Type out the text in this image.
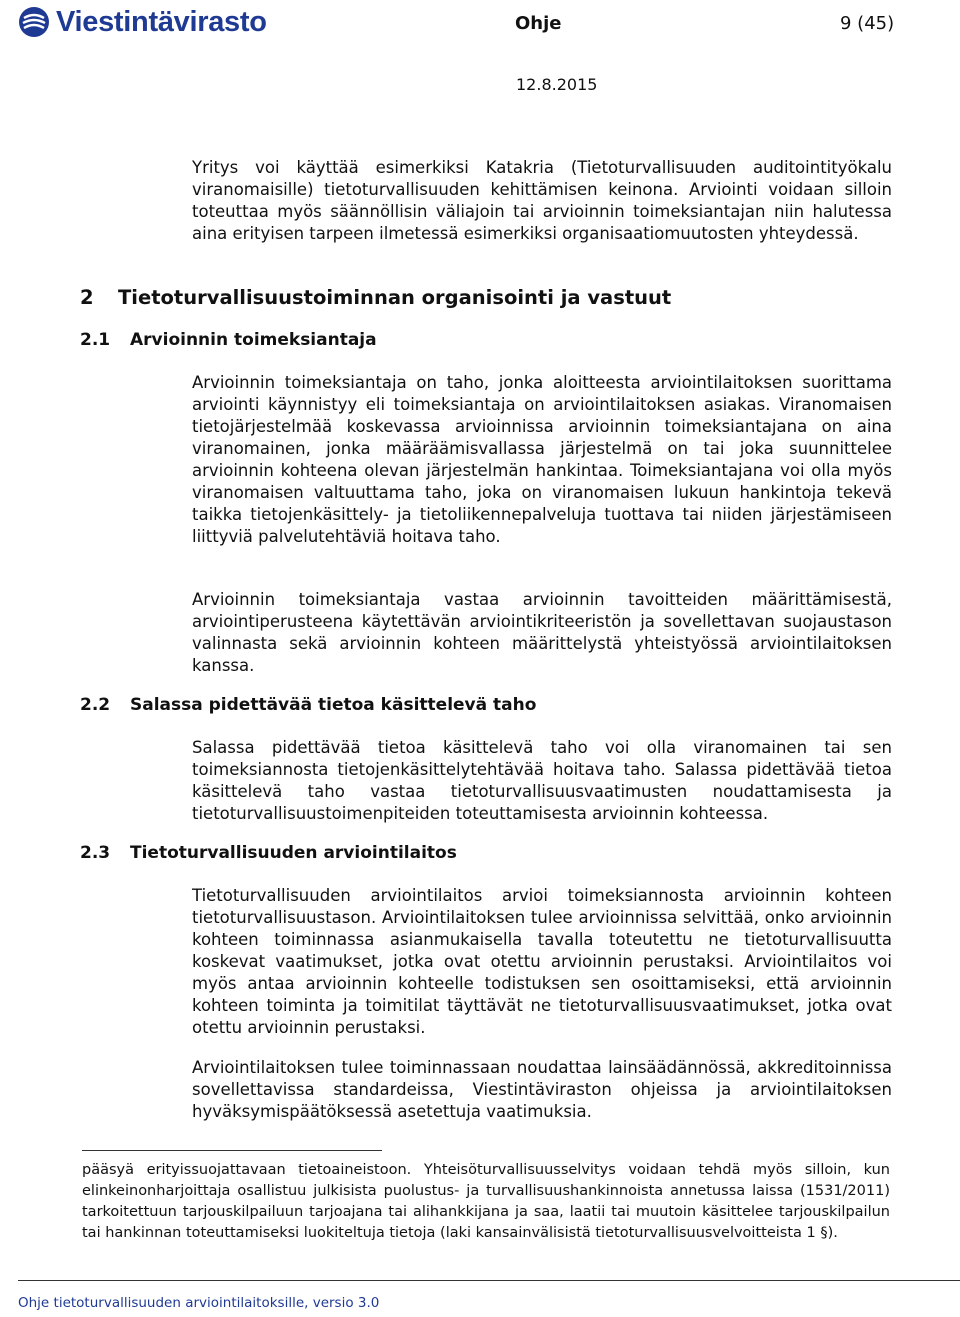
Viestintävirasto	Ohje	9 (45)
12.8.2015

Yritys voi käyttää esimerkiksi Katakria (Tietoturvallisuuden auditointityökalu viranomaisille) tietoturvallisuuden kehittämisen keinona. Arviointi voidaan silloin toteuttaa myös säännöllisin väliajoin tai arvioinnin toimeksiantajan niin halutessa aina erityisen tarpeen ilmetessä esimerkiksi organisaatiomuutosten yhteydessä.

2 Tietoturvallisuustoiminnan organisointi ja vastuut
2.1 Arvioinnin toimeksiantaja

Arvioinnin toimeksiantaja on taho, jonka aloitteesta arviointilaitoksen suorittama arviointi käynnistyy eli toimeksiantaja on arviointilaitoksen asiakas. Viranomaisen tietojärjestelmää koskevassa arvioinnissa arvioinnin toimeksiantajana on aina viranomainen, jonka määräämisvallassa järjestelmä on tai joka suunnittelee arvioinnin kohteena olevan järjestelmän hankintaa. Toimeksiantajana voi olla myös viranomaisen valtuuttama taho, joka on viranomaisen lukuun hankintoja tekevä taikka tietojenkäsittely- ja tietoliikennepalveluja tuottava tai niiden järjestämiseen liittyviä palvelutehtäviä hoitava taho.

Arvioinnin toimeksiantaja vastaa arvioinnin tavoitteiden määrittämisestä, arviointiperusteena käytettävän arviointikriteeristön ja sovellettavan suojaustason valinnasta sekä arvioinnin kohteen määrittelystä yhteistyössä arviointilaitoksen kanssa.

2.2 Salassa pidettävää tietoa käsittelevä taho

Salassa pidettävää tietoa käsittelevä taho voi olla viranomainen tai sen toimeksiannosta tietojenkäsittelytehtävää hoitava taho. Salassa pidettävää tietoa käsittelevä taho vastaa tietoturvallisuusvaatimusten noudattamisesta ja tietoturvallisuustoimenpiteiden toteuttamisesta arvioinnin kohteessa.

2.3 Tietoturvallisuuden arviointilaitos

Tietoturvallisuuden arviointilaitos arvioi toimeksiannosta arvioinnin kohteen tietoturvallisuustason. Arviointilaitoksen tulee arvioinnissa selvittää, onko arvioinnin kohteen toiminnassa asianmukaisella tavalla toteutettu ne tietoturvallisuutta koskevat vaatimukset, jotka ovat otettu arvioinnin perustaksi. Arviointilaitos voi myös antaa arvioinnin kohteelle todistuksen sen osoittamiseksi, että arvioinnin kohteen toiminta ja toimitilat täyttävät ne tietoturvallisuusvaatimukset, jotka ovat otettu arvioinnin perustaksi.

Arviointilaitoksen tulee toiminnassaan noudattaa lainsäädännössä, akkreditoinnissa sovellettavissa standardeissa, Viestintäviraston ohjeissa ja arviointilaitoksen hyväksymispäätöksessä asetettuja vaatimuksia.

pääsyä erityissuojattavaan tietoaineistoon. Yhteisöturvallisuusselvitys voidaan tehdä myös silloin, kun elinkeinonharjoittaja osallistuu julkisista puolustus- ja turvallisuushankinnoista annetussa laissa (1531/2011) tarkoitettuun tarjouskilpailuun tarjoajana tai alihankkijana ja saa, laatii tai muutoin käsittelee tarjouskilpailun tai hankinnan toteuttamiseksi luokiteltuja tietoja (laki kansainvälisistä tietoturvallisuusvelvoitteista 1 §).

Ohje tietoturvallisuuden arviointilaitoksille, versio 3.0
